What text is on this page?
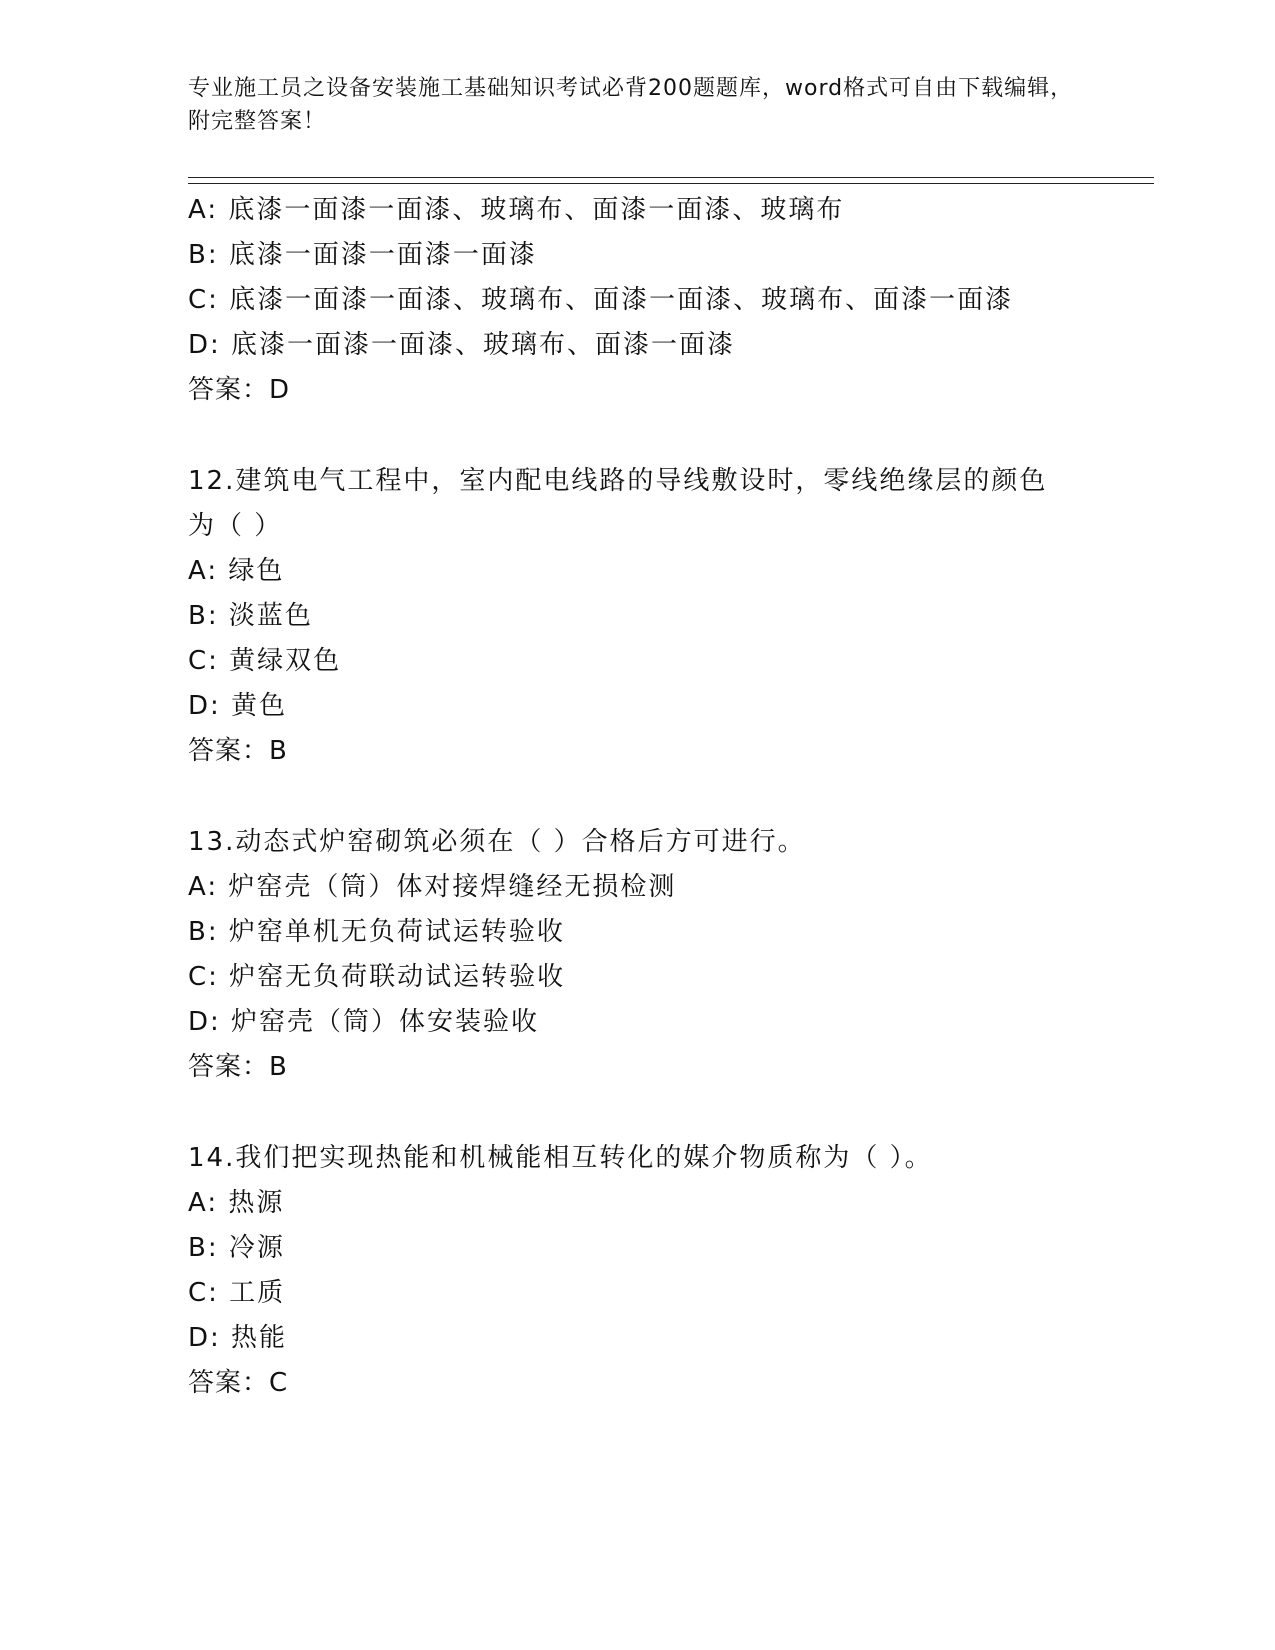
专业施工员之设备安装施工基础知识考试必背200题题库，word格式可自由下载编辑，附完整答案！
A: 底漆一面漆一面漆、玻璃布、面漆一面漆、玻璃布
B: 底漆一面漆一面漆一面漆
C: 底漆一面漆一面漆、玻璃布、面漆一面漆、玻璃布、面漆一面漆
D: 底漆一面漆一面漆、玻璃布、面漆一面漆
答案：D
12.建筑电气工程中，室内配电线路的导线敷设时，零线绝缘层的颜色为（ ）
A: 绿色
B: 淡蓝色
C: 黄绿双色
D: 黄色
答案：B
13.动态式炉窑砌筑必须在（ ）合格后方可进行。
A: 炉窑壳（筒）体对接焊缝经无损检测
B: 炉窑单机无负荷试运转验收
C: 炉窑无负荷联动试运转验收
D: 炉窑壳（筒）体安装验收
答案：B
14.我们把实现热能和机械能相互转化的媒介物质称为（ ）。
A: 热源
B: 冷源
C: 工质
D: 热能
答案：C
